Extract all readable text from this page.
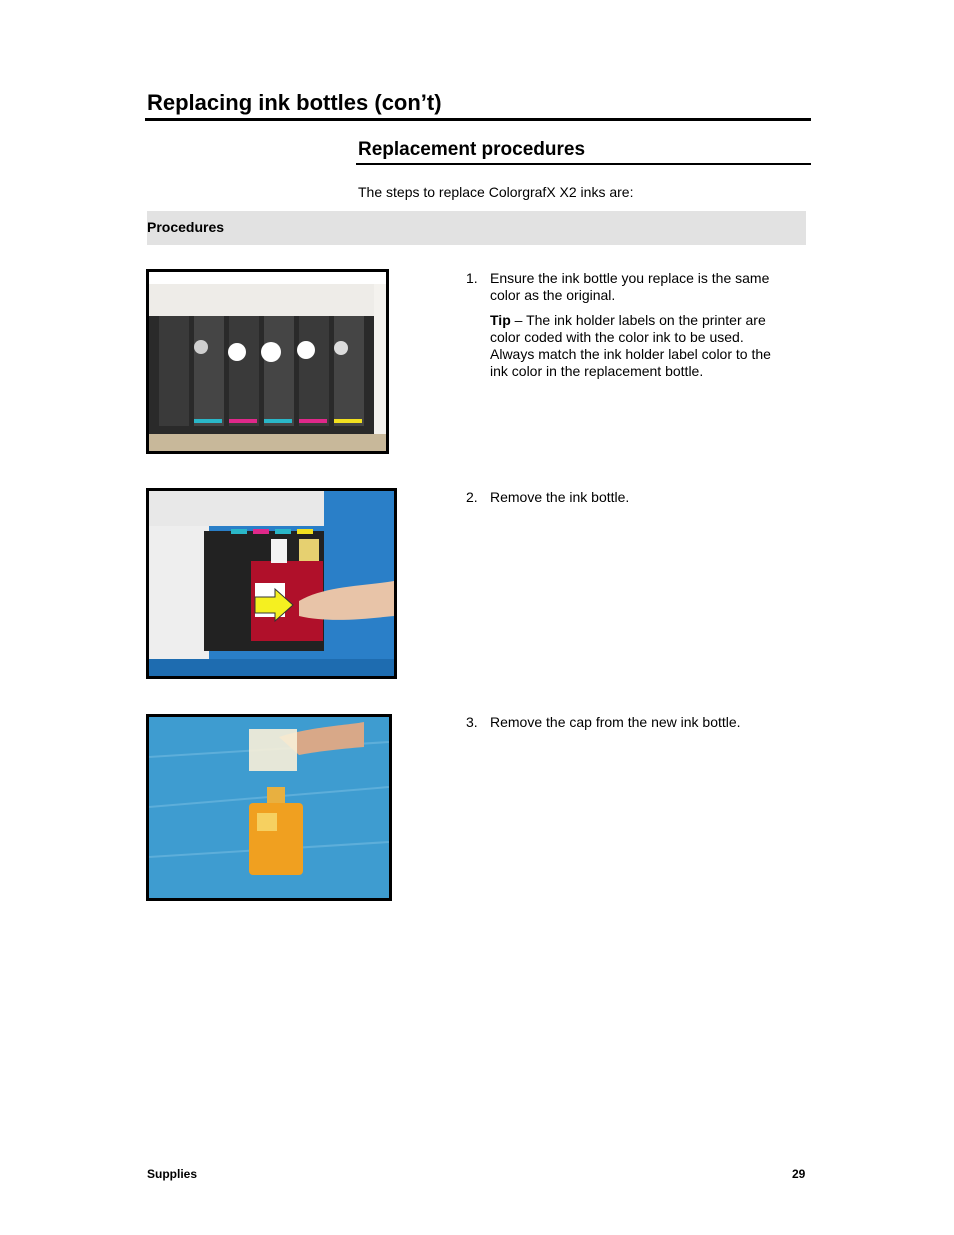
Replacing ink bottles (con’t)
Replacement procedures
The steps to replace ColorgrafX X2 inks are:
Procedures
1. Ensure the ink bottle you replace is the same color as the original.
Tip – The ink holder labels on the printer are color coded with the color ink to be used. Always match the ink holder label color to the ink color in the replacement bottle.
2. Remove the ink bottle.
3. Remove the cap from the new ink bottle.
Supplies	29
